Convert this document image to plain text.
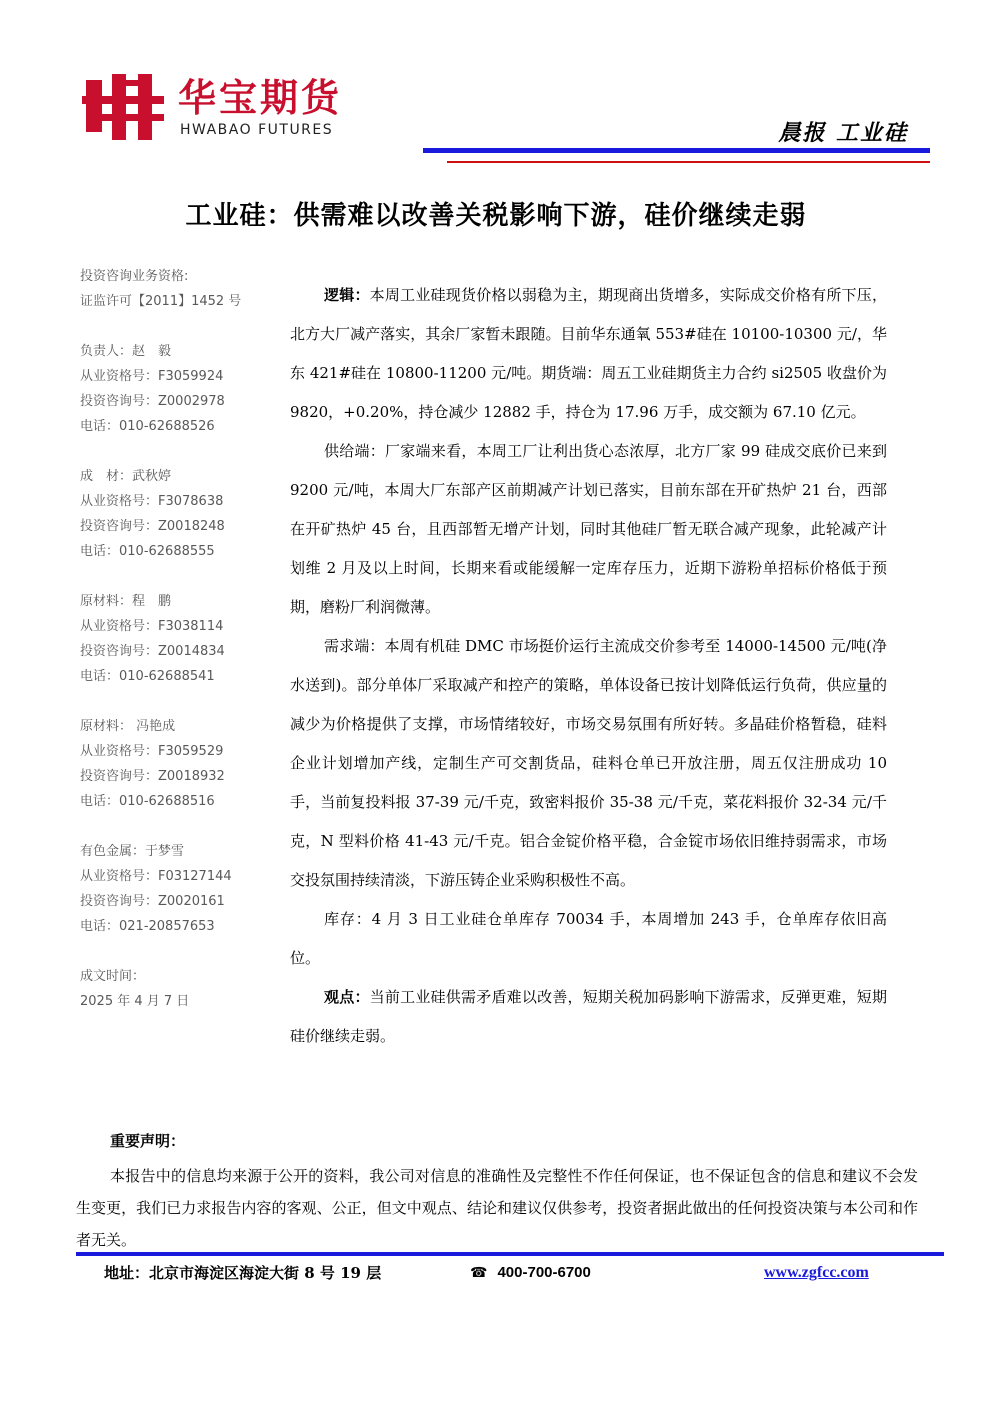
华宝期货
HWABAO FUTURES	晨报 工业硅
工业硅：供需难以改善关税影响下游，硅价继续走弱
投资咨询业务资格:
证监许可【2011】1452 号
负责人：赵　毅
从业资格号：F3059924
投资咨询号：Z0002978
电话：010-62688526
成　材：武秋婷
从业资格号：F3078638
投资咨询号：Z0018248
电话：010-62688555
原材料：程　鹏
从业资格号：F3038114
投资咨询号：Z0014834
电话：010-62688541
原材料： 冯艳成
从业资格号：F3059529
投资咨询号：Z0018932
电话：010-62688516
有色金属：于梦雪
从业资格号：F03127144
投资咨询号：Z0020161
电话：021-20857653
成文时间：
2025 年 4 月 7 日

逻辑：本周工业硅现货价格以弱稳为主，期现商出货增多，实际成交价格有所下压，北方大厂减产落实，其余厂家暂未跟随。目前华东通氧 553#硅在 10100-10300 元/，华东 421#硅在 10800-11200 元/吨。期货端：周五工业硅期货主力合约 si2505 收盘价为 9820，+0.20%，持仓减少 12882 手，持仓为 17.96 万手，成交额为 67.10 亿元。

供给端：厂家端来看，本周工厂让利出货心态浓厚，北方厂家 99 硅成交底价已来到 9200 元/吨，本周大厂东部产区前期减产计划已落实，目前东部在开矿热炉 21 台，西部在开矿热炉 45 台，且西部暂无增产计划，同时其他硅厂暂无联合减产现象，此轮减产计划维 2 月及以上时间，长期来看或能缓解一定库存压力，近期下游粉单招标价格低于预期，磨粉厂利润微薄。

需求端：本周有机硅 DMC 市场挺价运行主流成交价参考至 14000-14500 元/吨(净水送到)。部分单体厂采取减产和控产的策略，单体设备已按计划降低运行负荷，供应量的减少为价格提供了支撑，市场情绪较好，市场交易氛围有所好转。多晶硅价格暂稳，硅料企业计划增加产线，定制生产可交割货品，硅料仓单已开放注册，周五仅注册成功 10 手，当前复投料报 37-39 元/千克，致密料报价 35-38 元/千克，菜花料报价 32-34 元/千克，N 型料价格 41-43 元/千克。铝合金锭价格平稳，合金锭市场依旧维持弱需求，市场交投氛围持续清淡，下游压铸企业采购积极性不高。

库存：4 月 3 日工业硅仓单库存 70034 手，本周增加 243 手，仓单库存依旧高位。

观点：当前工业硅供需矛盾难以改善，短期关税加码影响下游需求，反弹更难，短期硅价继续走弱。

重要声明：
本报告中的信息均来源于公开的资料，我公司对信息的准确性及完整性不作任何保证，也不保证包含的信息和建议不会发生变更，我们已力求报告内容的客观、公正，但文中观点、结论和建议仅供参考，投资者据此做出的任何投资决策与本公司和作者无关。
地址：北京市海淀区海淀大街 8 号 19 层	☎ 400-700-6700	www.zgfcc.com
